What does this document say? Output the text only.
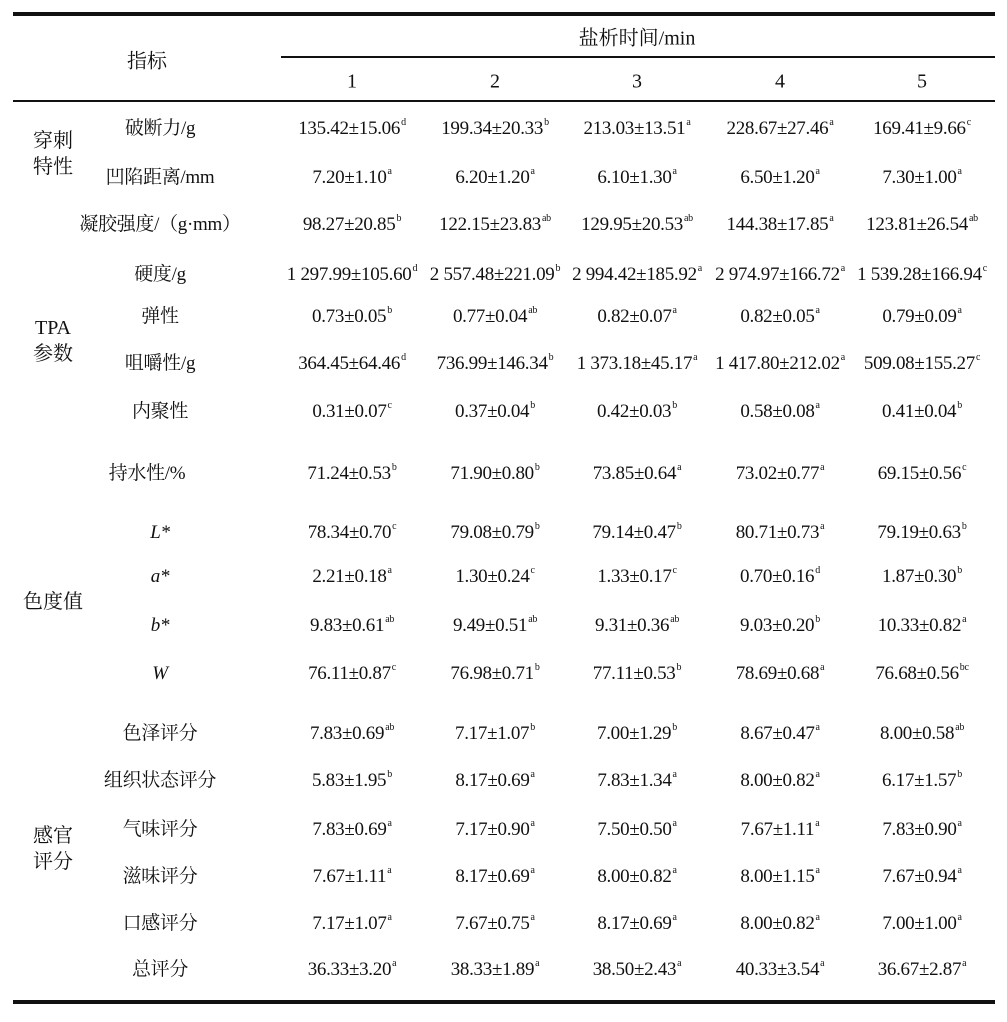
指标
盐析时间/min
1	2	3	4	5
穿刺
特性
破断力/g	135.42±15.06$^d$ 199.34±20.33$^b$ 213.03±13.51$^a$ 228.67±27.46$^a$ 169.41±9.66$^c$
凹陷距离/mm	7.20±1.10$^a$	6.20±1.20$^a$	6.10±1.30$^a$	6.50±1.20$^a$	7.30±1.00$^a$
凝胶强度/（g·mm）	98.27±20.85$^b$ 122.15±23.83$^{ab}$ 129.95±20.53$^{ab}$ 144.38±17.85$^a$ 123.81±26.54$^{ab}$
TPA
参数
硬度/g	1 297.99±105.60$^d$ 2 557.48±221.09$^b$ 2 994.42±185.92$^a$ 2 974.97±166.72$^a$ 1 539.28±166.94$^c$
弹性	0.73±0.05$^b$	0.77±0.04$^{ab}$	0.82±0.07$^a$	0.82±0.05$^a$	0.79±0.09$^a$
咀嚼性/g	364.45±64.46$^d$ 736.99±146.34$^b$ 1 373.18±45.17$^a$ 1 417.80±212.02$^a$ 509.08±155.27$^c$
内聚性	0.31±0.07$^c$	0.37±0.04$^b$	0.42±0.03$^b$	0.58±0.08$^a$	0.41±0.04$^b$
持水性/%	71.24±0.53$^b$	71.90±0.80$^b$	73.85±0.64$^a$	73.02±0.77$^a$	69.15±0.56$^c$
色度值
L*	78.34±0.70$^c$	79.08±0.79$^b$	79.14±0.47$^b$	80.71±0.73$^a$	79.19±0.63$^b$
a*	2.21±0.18$^a$	1.30±0.24$^c$	1.33±0.17$^c$	0.70±0.16$^d$	1.87±0.30$^b$
b*	9.83±0.61$^{ab}$	9.49±0.51$^{ab}$	9.31±0.36$^{ab}$	9.03±0.20$^b$	10.33±0.82$^a$
W	76.11±0.87$^c$	76.98±0.71$^b$	77.11±0.53$^b$	78.69±0.68$^a$	76.68±0.56$^{bc}$
感官
评分
色泽评分	7.83±0.69$^{ab}$	7.17±1.07$^b$	7.00±1.29$^b$	8.67±0.47$^a$	8.00±0.58$^{ab}$
组织状态评分	5.83±1.95$^b$	8.17±0.69$^a$	7.83±1.34$^a$	8.00±0.82$^a$	6.17±1.57$^b$
气味评分	7.83±0.69$^a$	7.17±0.90$^a$	7.50±0.50$^a$	7.67±1.11$^a$	7.83±0.90$^a$
滋味评分	7.67±1.11$^a$	8.17±0.69$^a$	8.00±0.82$^a$	8.00±1.15$^a$	7.67±0.94$^a$
口感评分	7.17±1.07$^a$	7.67±0.75$^a$	8.17±0.69$^a$	8.00±0.82$^a$	7.00±1.00$^a$
总评分	36.33±3.20$^a$	38.33±1.89$^a$	38.50±2.43$^a$	40.33±3.54$^a$	36.67±2.87$^a$
